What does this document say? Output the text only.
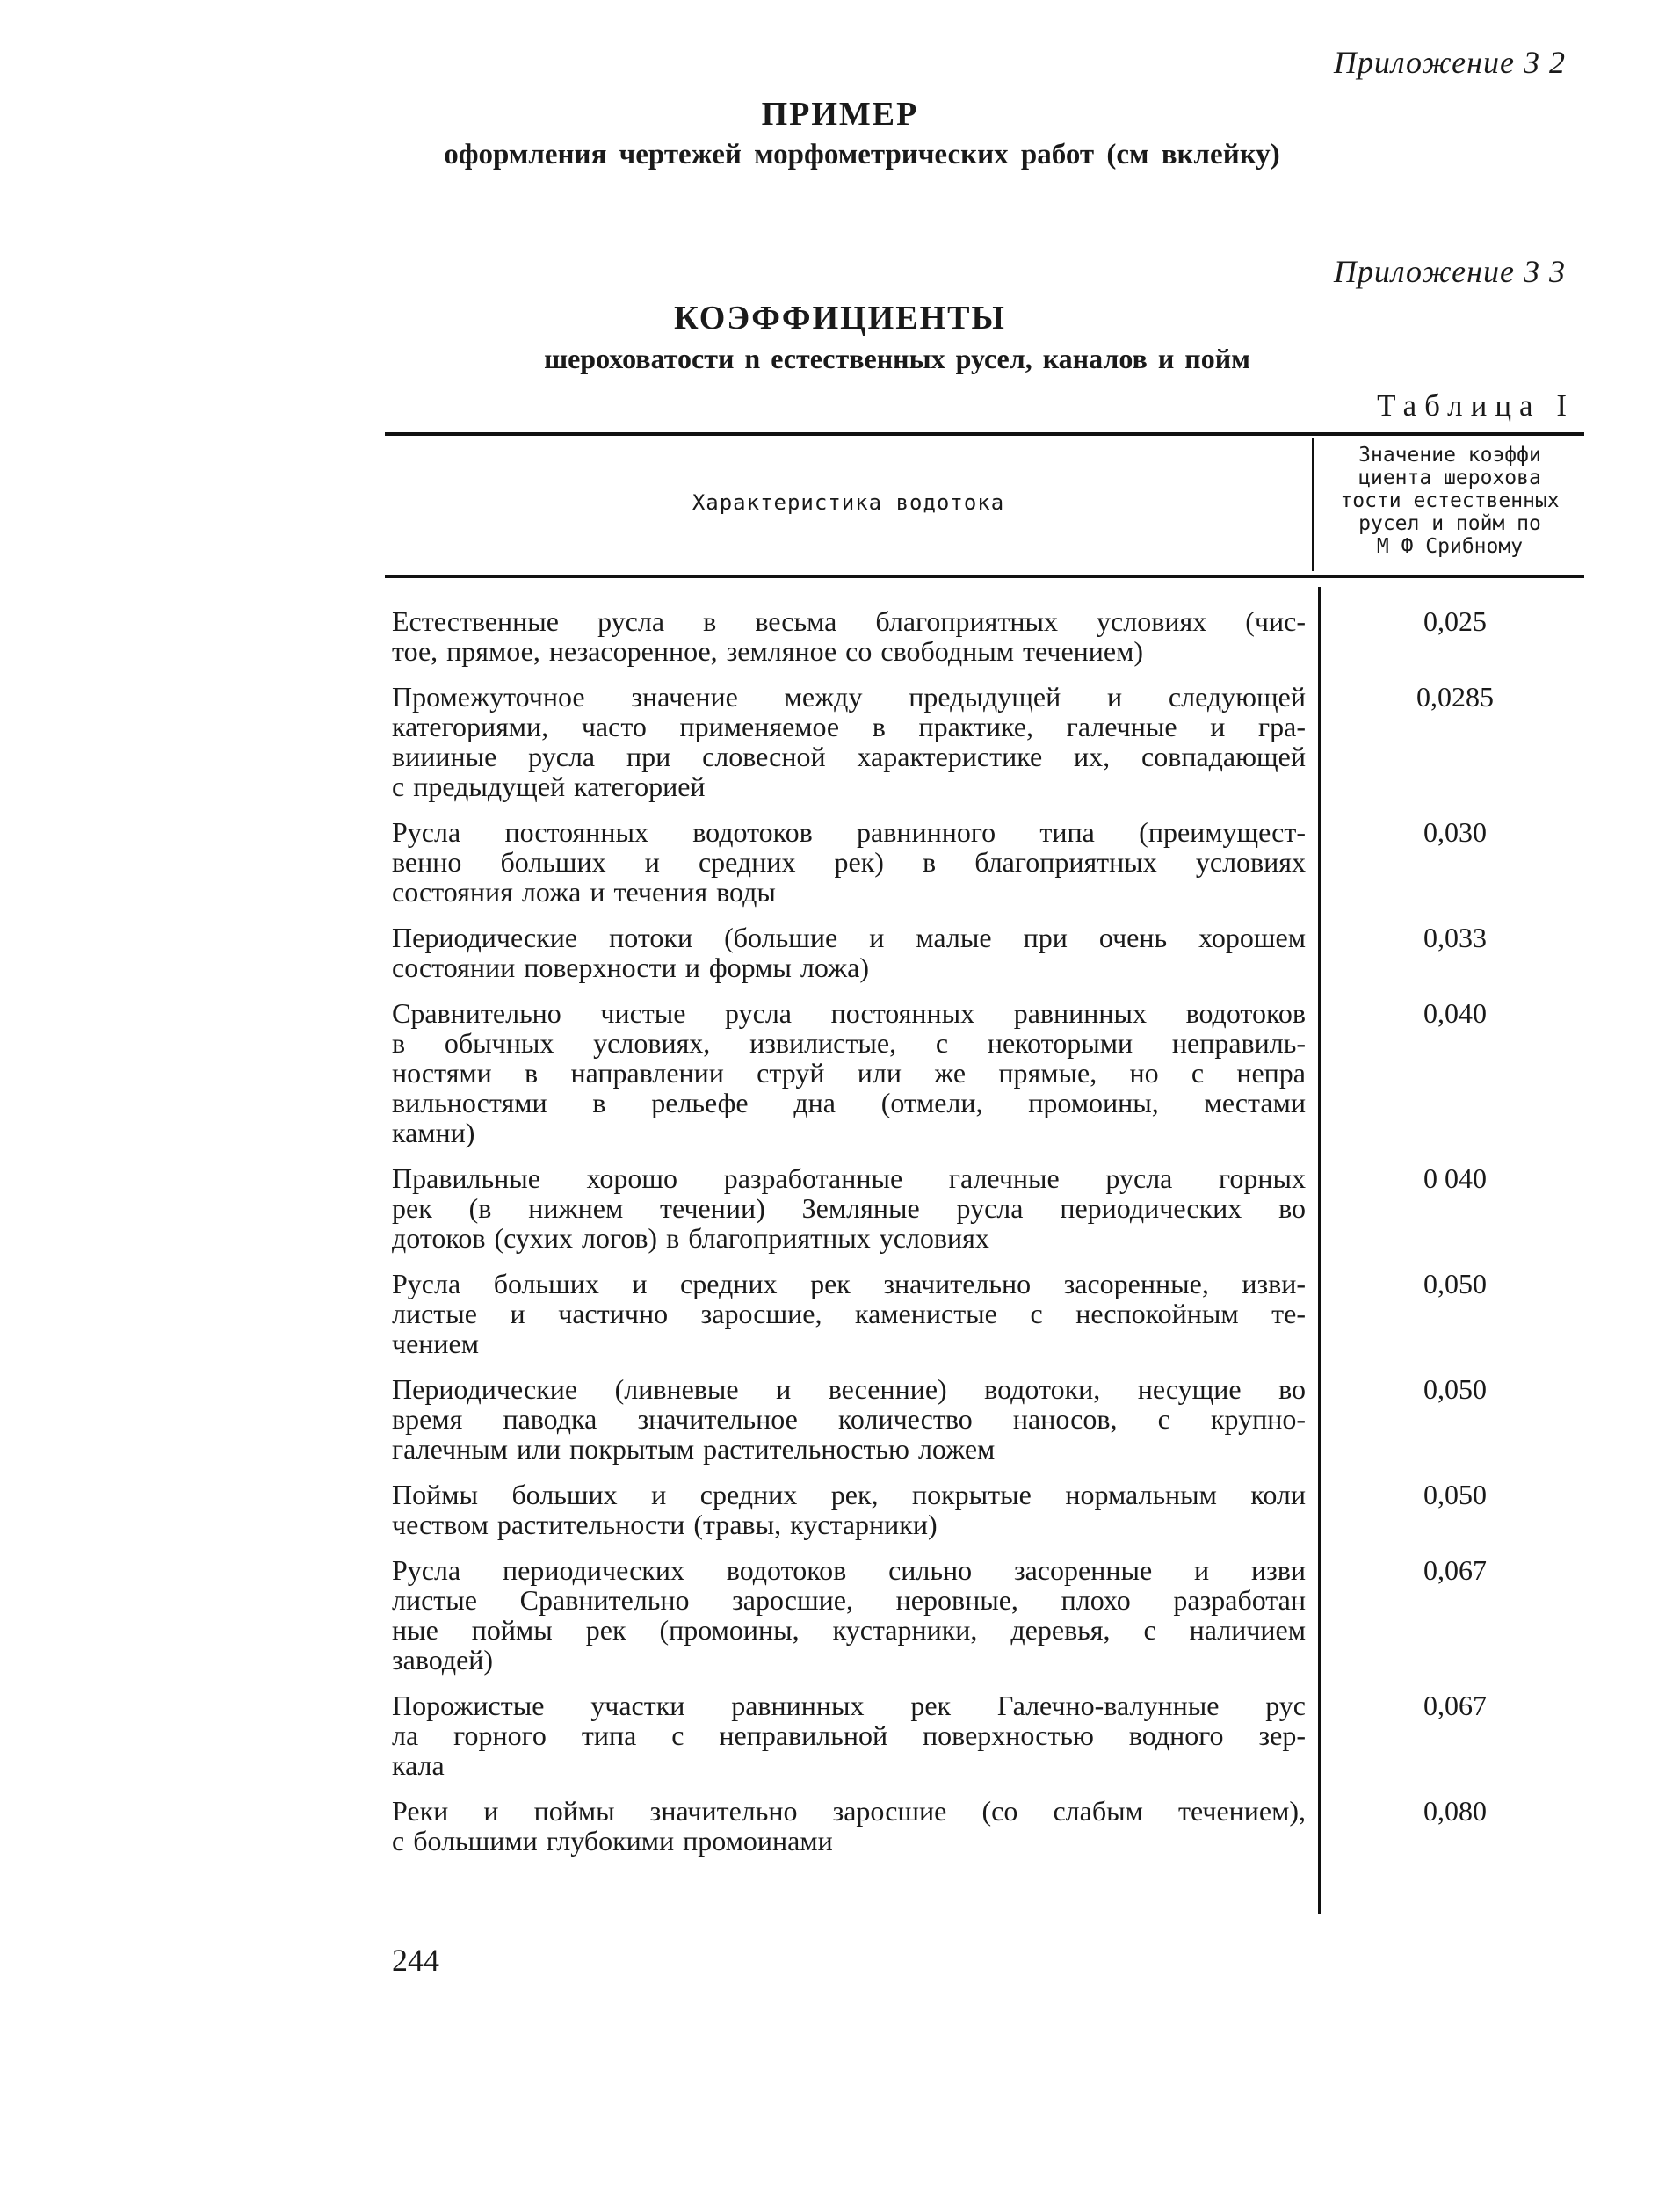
Приложение 3 2
ПРИМЕР
оформления чертежей морфометрических работ (см вклейку)
Приложение 3 3
КОЭФФИЦИЕНТЫ
шероховатости n естественных русел, каналов и пойм
Таблица I
Характеристика водотока
Значение коэффи
циента шерохова
тости естественных
русел и пойм по
М Ф Срибному
Естественные русла в весьма благоприятных условиях (чис-
тое, прямое, незасоренное, земляное со свободным течением)
0,025
Промежуточное значение между предыдущей и следующей
категориями, часто применяемое в практике, галечные и гра-
виииные русла при словесной характеристике их, совпадающей
с предыдущей категорией
0,0285
Русла постоянных водотоков равнинного типа (преимущест-
венно больших и средних рек) в благоприятных условиях
состояния ложа и течения воды
0,030
Периодические потоки (большие и малые при очень хорошем
состоянии поверхности и формы ложа)
0,033
Сравнительно чистые русла постоянных равнинных водотоков
в обычных условиях, извилистые, с некоторыми неправиль-
ностями в направлении струй или же прямые, но с непра
вильностями в рельефе дна (отмели, промоины, местами
камни)
0,040
Правильные хорошо разработанные галечные русла горных
рек (в нижнем течении) Земляные русла периодических во
дотоков (сухих логов) в благоприятных условиях
0 040
Русла больших и средних рек значительно засоренные, изви-
листые и частично заросшие, каменистые с неспокойным те-
чением
0,050
Периодические (ливневые и весенние) водотоки, несущие во
время паводка значительное количество наносов, с крупно-
галечным или покрытым растительностью ложем
0,050
Поймы больших и средних рек, покрытые нормальным коли
чеством растительности (травы, кустарники)
0,050
Русла периодических водотоков сильно засоренные и изви
листые Сравнительно заросшие, неровные, плохо разработан
ные поймы рек (промоины, кустарники, деревья, с наличием
заводей)
0,067
Порожистые участки равнинных рек Галечно-валунные рус
ла горного типа с неправильной поверхностью водного зер-
кала
0,067
Реки и поймы значительно заросшие (со слабым течением),
с большими глубокими промоинами
0,080
244
